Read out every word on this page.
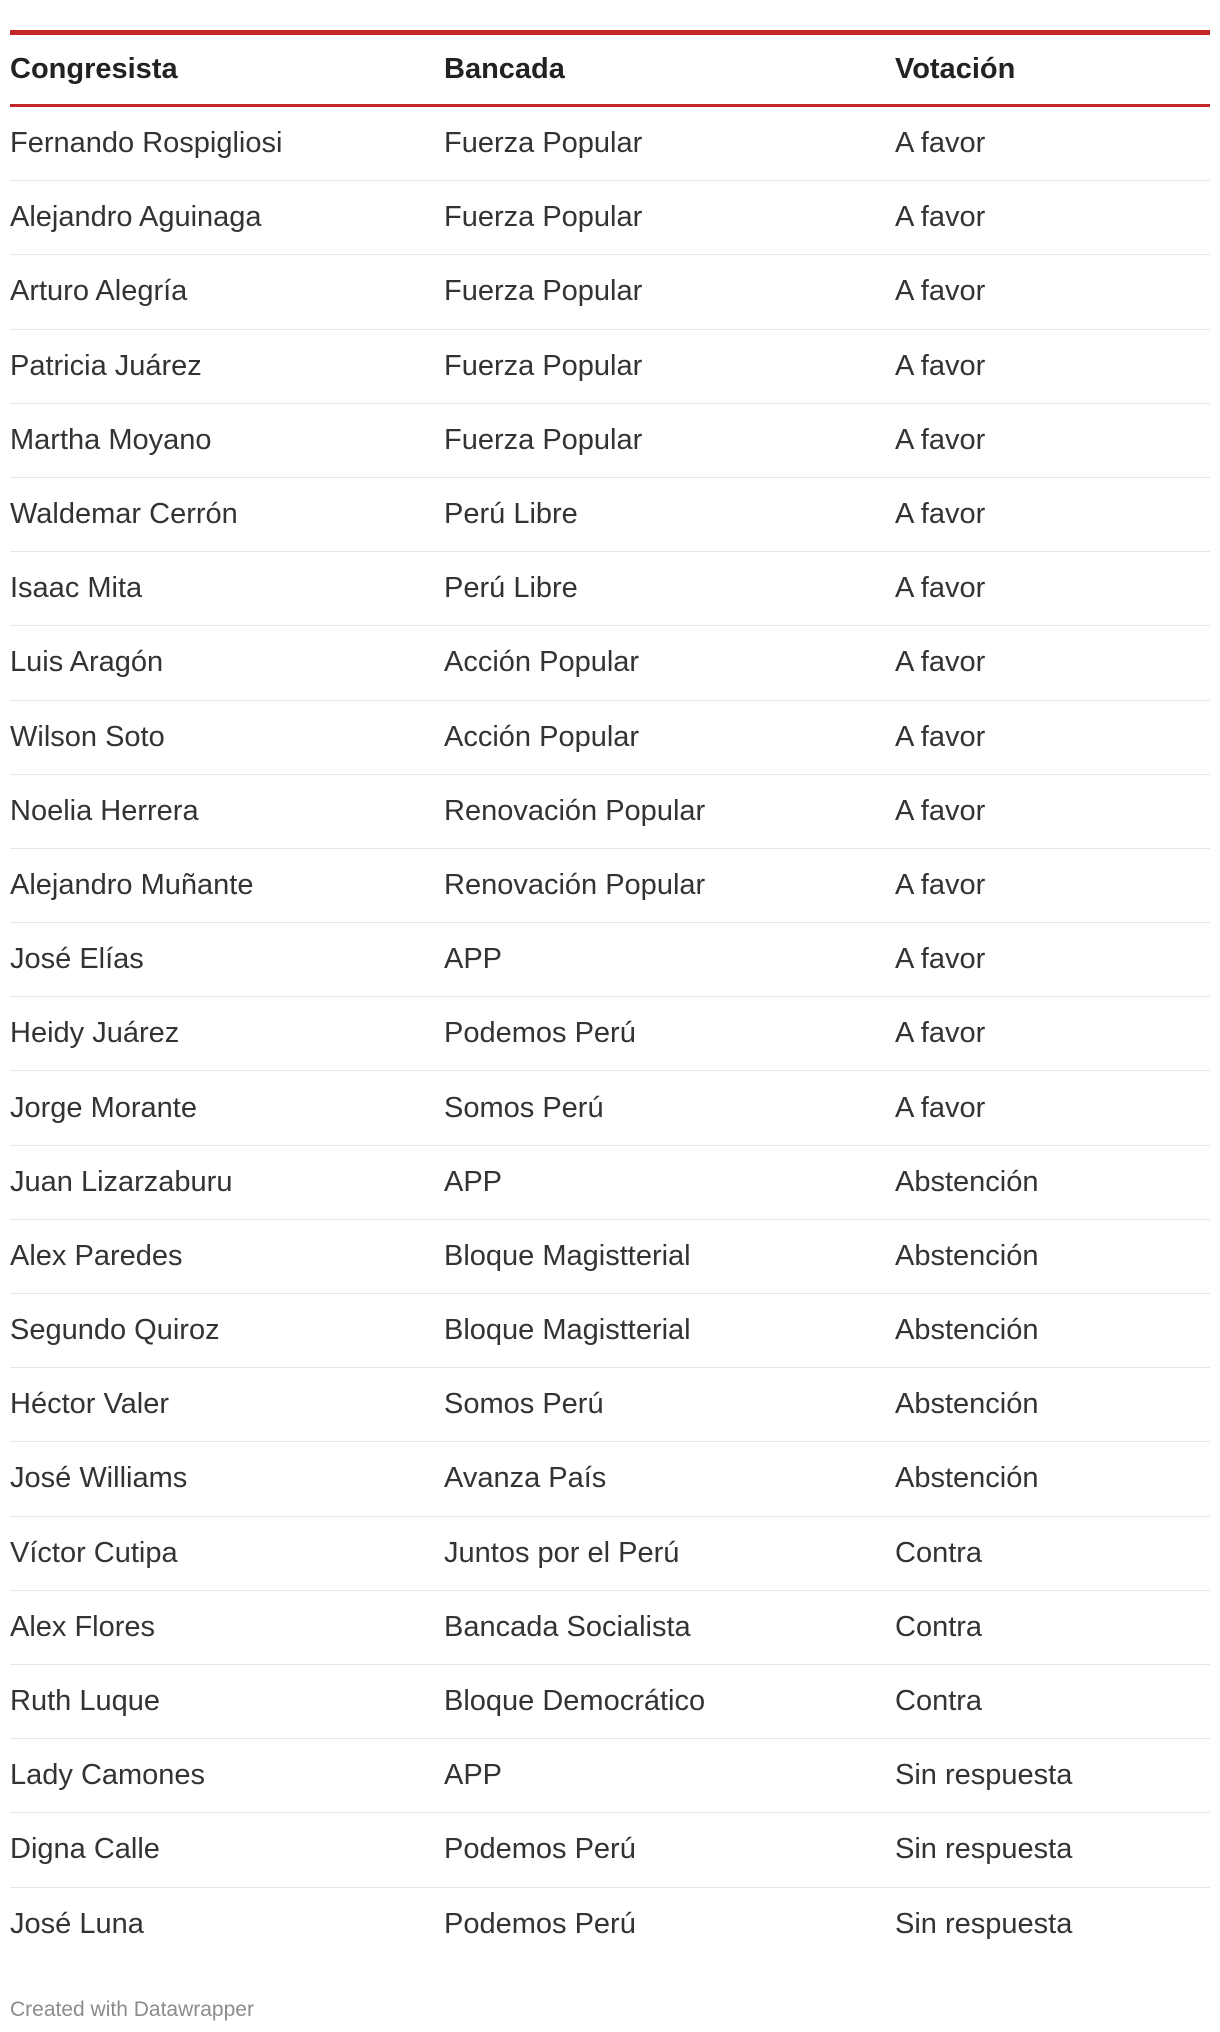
Congresista	Bancada	Votación
Fernando Rospigliosi	Fuerza Popular	A favor
Alejandro Aguinaga	Fuerza Popular	A favor
Arturo Alegría	Fuerza Popular	A favor
Patricia Juárez	Fuerza Popular	A favor
Martha Moyano	Fuerza Popular	A favor
Waldemar Cerrón	Perú Libre	A favor
Isaac Mita	Perú Libre	A favor
Luis Aragón	Acción Popular	A favor
Wilson Soto	Acción Popular	A favor
Noelia Herrera	Renovación Popular	A favor
Alejandro Muñante	Renovación Popular	A favor
José Elías	APP	A favor
Heidy Juárez	Podemos Perú	A favor
Jorge Morante	Somos Perú	A favor
Juan Lizarzaburu	APP	Abstención
Alex Paredes	Bloque Magistterial	Abstención
Segundo Quiroz	Bloque Magistterial	Abstención
Héctor Valer	Somos Perú	Abstención
José Williams	Avanza País	Abstención
Víctor Cutipa	Juntos por el Perú	Contra
Alex Flores	Bancada Socialista	Contra
Ruth Luque	Bloque Democrático	Contra
Lady Camones	APP	Sin respuesta
Digna Calle	Podemos Perú	Sin respuesta
José Luna	Podemos Perú	Sin respuesta
Created with Datawrapper
